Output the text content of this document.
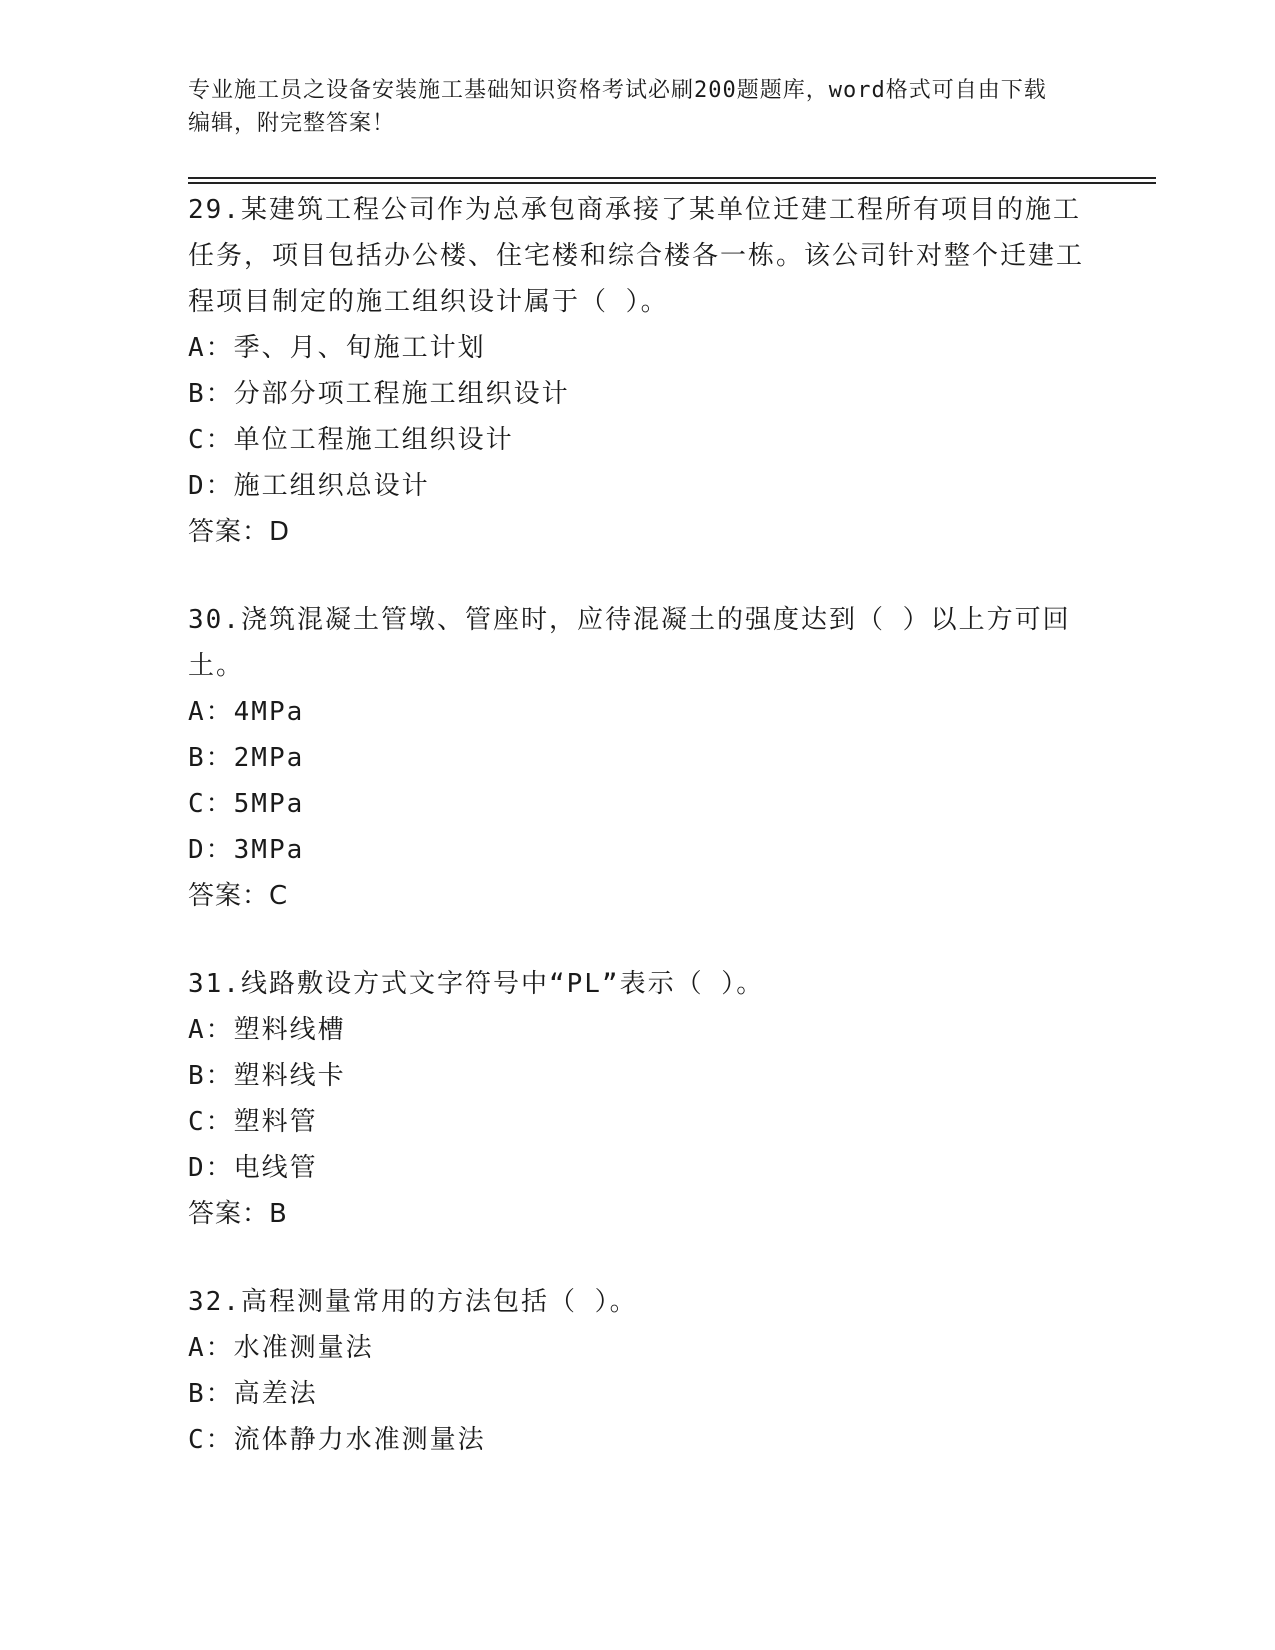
专业施工员之设备安装施工基础知识资格考试必刷200题题库，word格式可自由下载编辑，附完整答案！

29.某建筑工程公司作为总承包商承接了某单位迁建工程所有项目的施工任务，项目包括办公楼、住宅楼和综合楼各一栋。该公司针对整个迁建工程项目制定的施工组织设计属于（ ）。

A：季、月、旬施工计划
B：分部分项工程施工组织设计
C：单位工程施工组织设计
D：施工组织总设计
答案：D

30.浇筑混凝土管墩、管座时，应待混凝土的强度达到（ ）以上方可回土。

A：4MPa
B：2MPa
C：5MPa
D：3MPa
答案：C

31.线路敷设方式文字符号中“PL”表示（ ）。

A：塑料线槽
B：塑料线卡
C：塑料管
D：电线管
答案：B

32.高程测量常用的方法包括（ ）。

A：水准测量法
B：高差法
C：流体静力水准测量法
